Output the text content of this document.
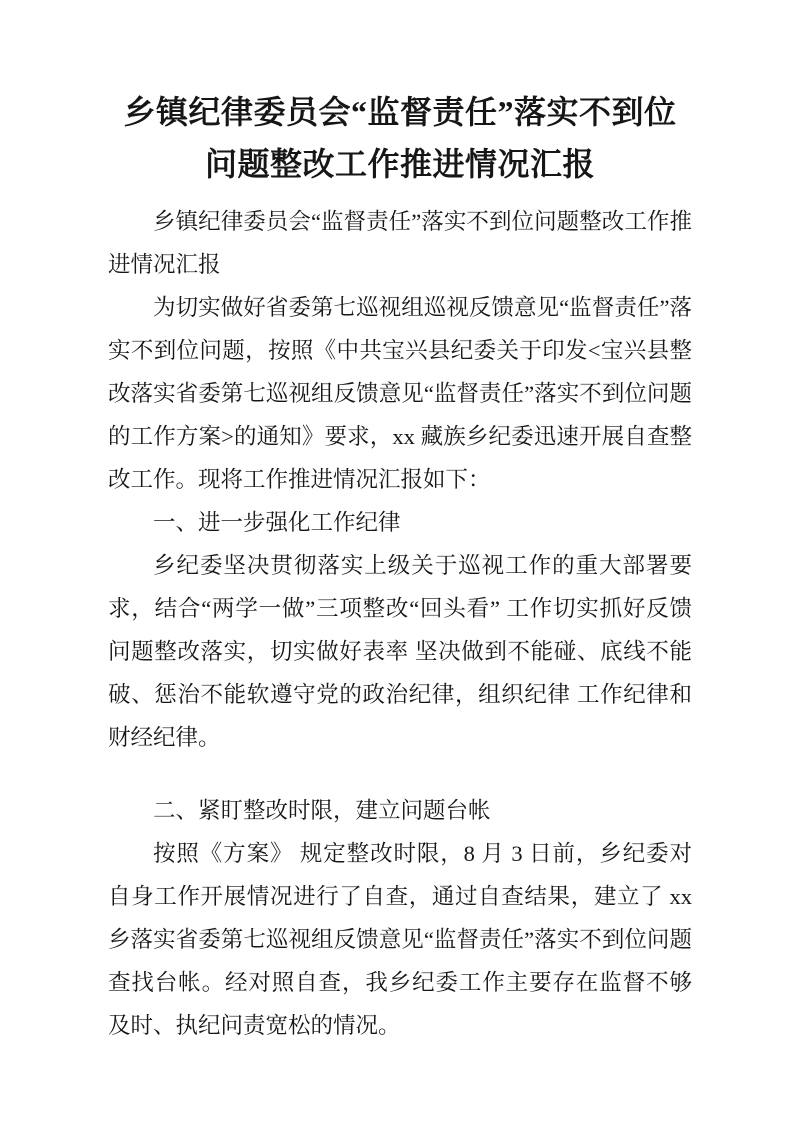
乡镇纪律委员会“监督责任”落实不到位问题整改工作推进情况汇报

乡镇纪律委员会“监督责任”落实不到位问题整改工作推进情况汇报

为切实做好省委第七巡视组巡视反馈意见“监督责任”落实不到位问题，按照《中共宝兴县纪委关于印发<宝兴县整改落实省委第七巡视组反馈意见“监督责任”落实不到位问题的工作方案>的通知》要求，xx 藏族乡纪委迅速开展自查整改工作。现将工作推进情况汇报如下：

一、进一步强化工作纪律

乡纪委坚决贯彻落实上级关于巡视工作的重大部署要求，结合“两学一做”三项整改“回头看” 工作切实抓好反馈问题整改落实，切实做好表率 坚决做到不能碰、底线不能破、惩治不能软遵守党的政治纪律，组织纪律 工作纪律和财经纪律。

二、紧盯整改时限，建立问题台帐

按照《方案》 规定整改时限，8 月 3 日前，乡纪委对自身工作开展情况进行了自查，通过自查结果，建立了 xx 乡落实省委第七巡视组反馈意见“监督责任”落实不到位问题查找台帐。经对照自查，我乡纪委工作主要存在监督不够及时、执纪问责宽松的情况。
